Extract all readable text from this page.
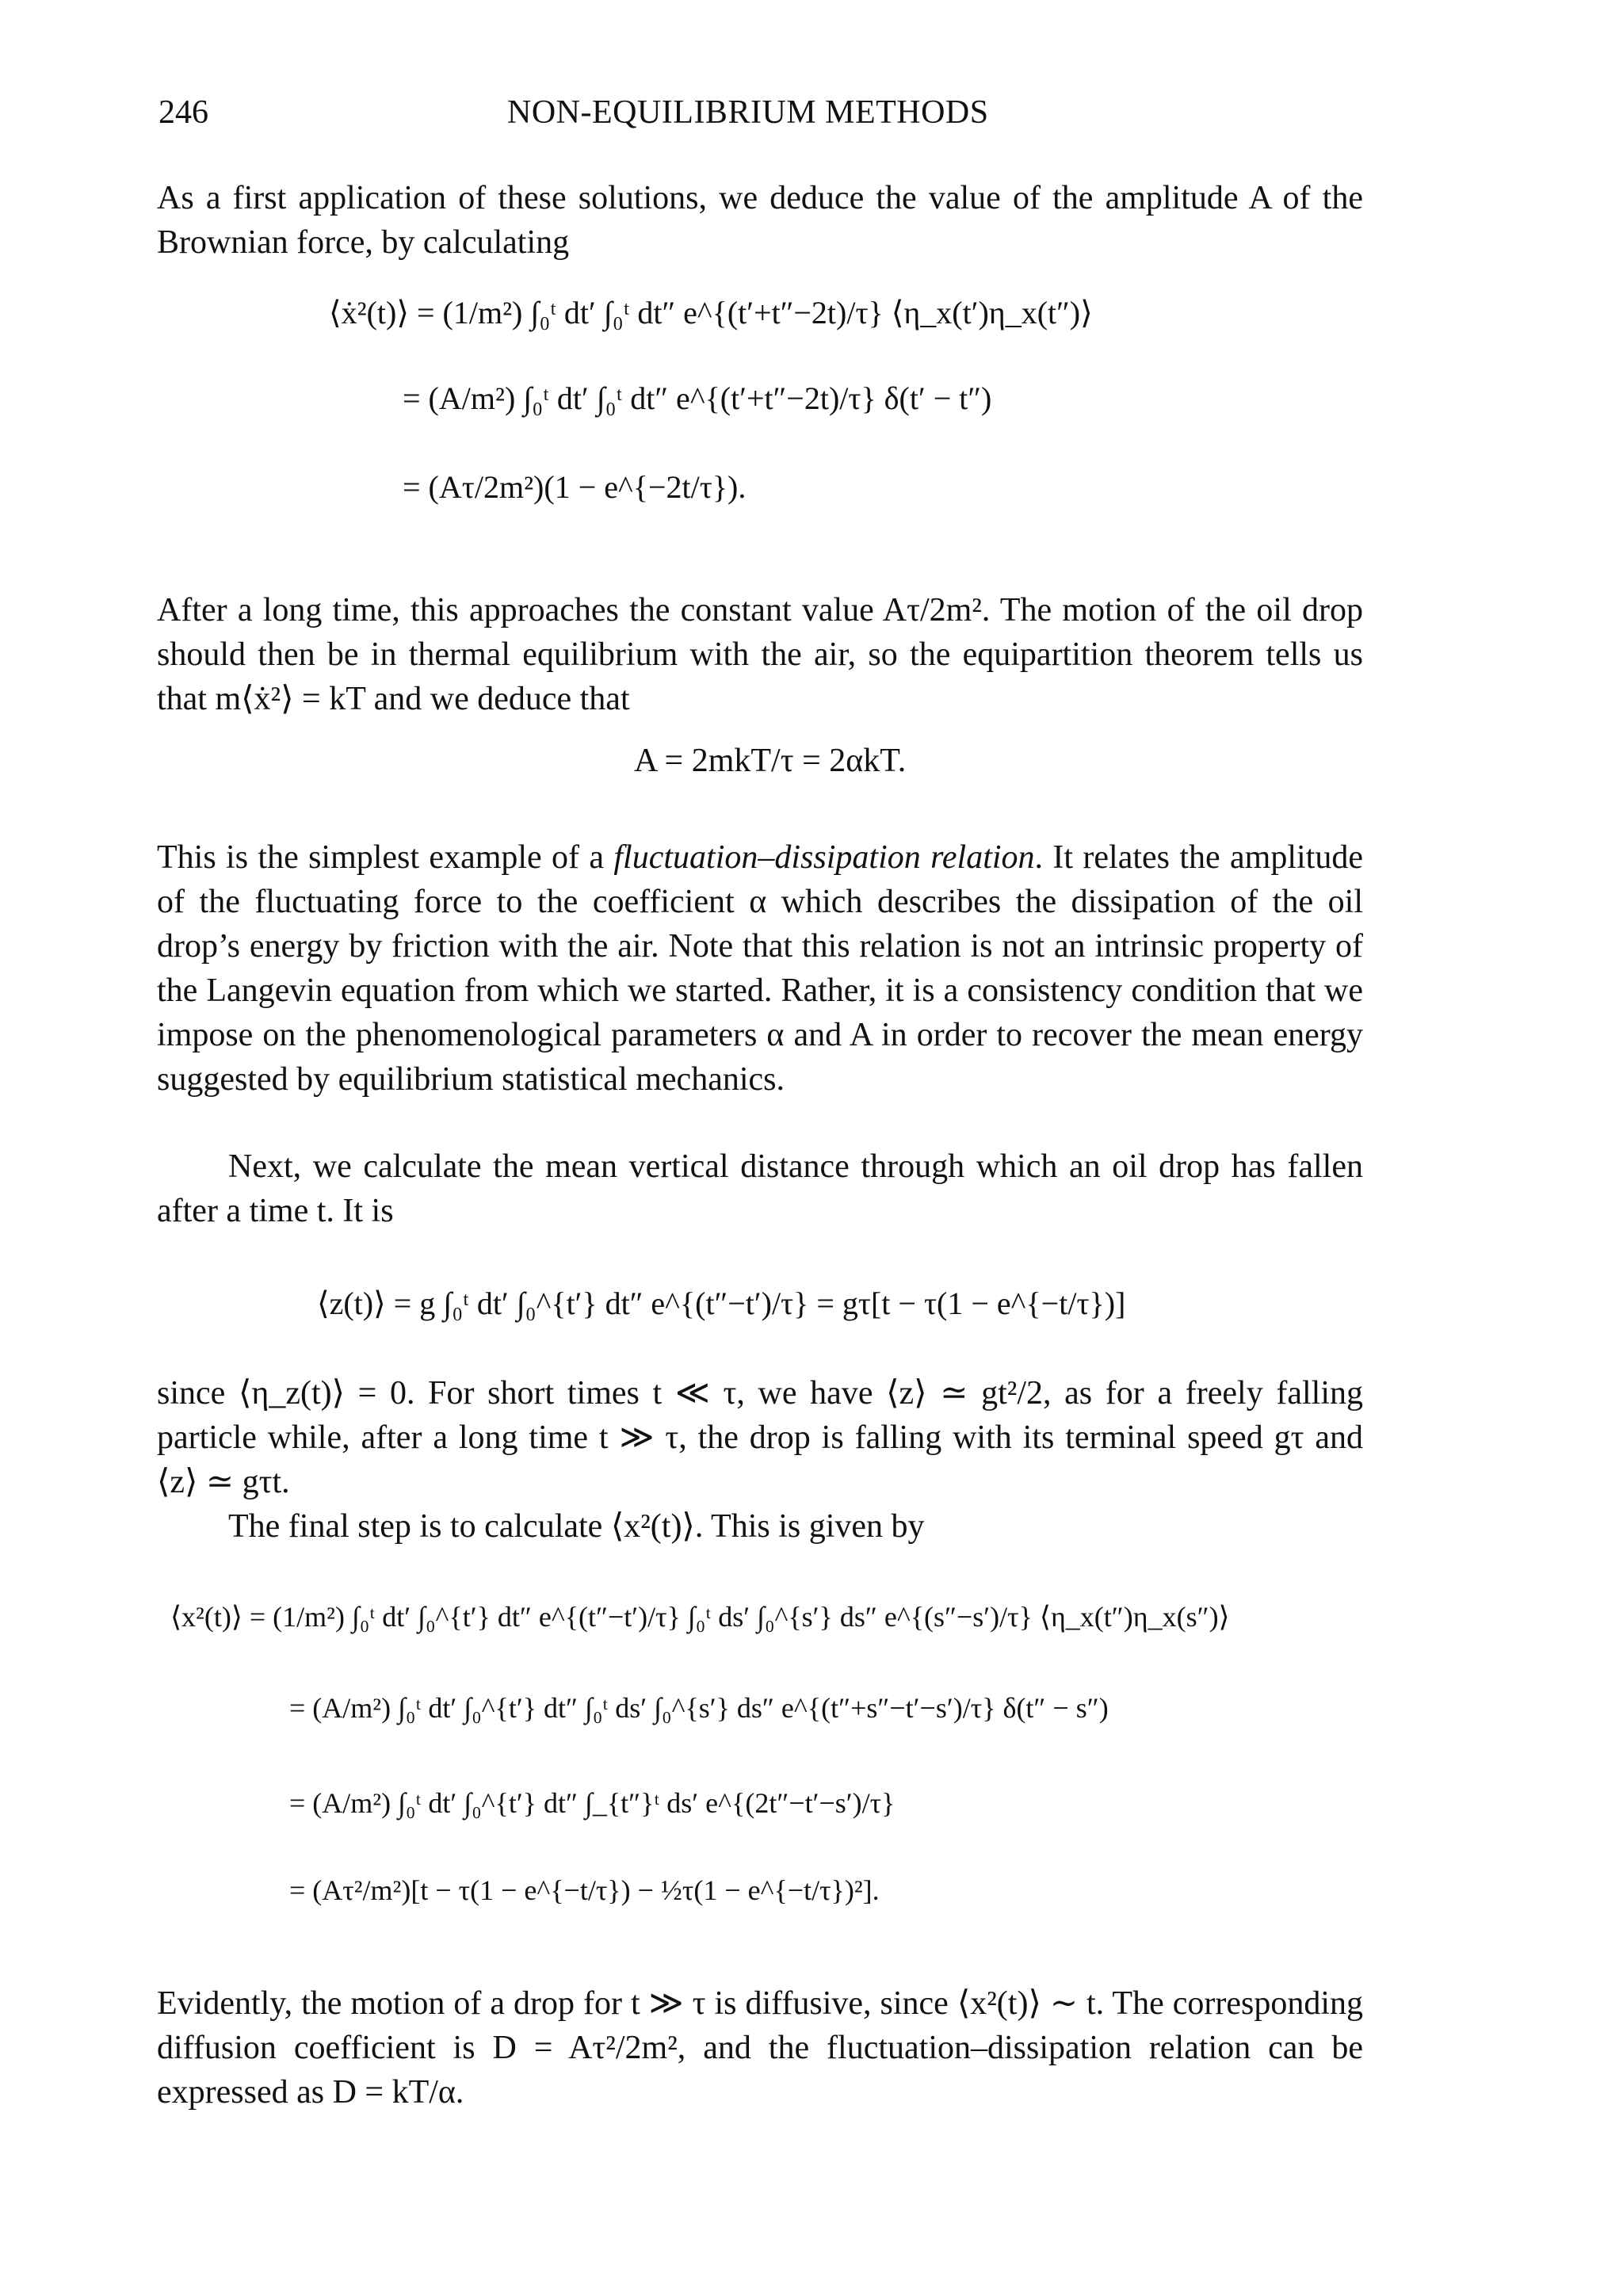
246	NON-EQUILIBRIUM METHODS

As a first application of these solutions, we deduce the value of the amplitude A of the Brownian force, by calculating

⟨ẋ²(t)⟩ = (1/m²) ∫₀ᵗ dt′ ∫₀ᵗ dt″ e^{(t′+t″−2t)/τ} ⟨η_x(t′)η_x(t″)⟩

= (A/m²) ∫₀ᵗ dt′ ∫₀ᵗ dt″ e^{(t′+t″−2t)/τ} δ(t′ − t″)

= (Aτ/2m²)(1 − e^{−2t/τ}).

After a long time, this approaches the constant value Aτ/2m². The motion of the oil drop should then be in thermal equilibrium with the air, so the equipartition theorem tells us that m⟨ẋ²⟩ = kT and we deduce that

A = 2mkT/τ = 2αkT.

This is the simplest example of a fluctuation–dissipation relation. It relates the amplitude of the fluctuating force to the coefficient α which describes the dissipation of the oil drop’s energy by friction with the air. Note that this relation is not an intrinsic property of the Langevin equation from which we started. Rather, it is a consistency condition that we impose on the phenomenological parameters α and A in order to recover the mean energy suggested by equilibrium statistical mechanics.

Next, we calculate the mean vertical distance through which an oil drop has fallen after a time t. It is

⟨z(t)⟩ = g ∫₀ᵗ dt′ ∫₀^{t′} dt″ e^{(t″−t′)/τ} = gτ[t − τ(1 − e^{−t/τ})]

since ⟨η_z(t)⟩ = 0. For short times t ≪ τ, we have ⟨z⟩ ≃ gt²/2, as for a freely falling particle while, after a long time t ≫ τ, the drop is falling with its terminal speed gτ and ⟨z⟩ ≃ gτt.

The final step is to calculate ⟨x²(t)⟩. This is given by

⟨x²(t)⟩ = (1/m²) ∫₀ᵗ dt′ ∫₀^{t′} dt″ e^{(t″−t′)/τ} ∫₀ᵗ ds′ ∫₀^{s′} ds″ e^{(s″−s′)/τ} ⟨η_x(t″)η_x(s″)⟩

= (A/m²) ∫₀ᵗ dt′ ∫₀^{t′} dt″ ∫₀ᵗ ds′ ∫₀^{s′} ds″ e^{(t″+s″−t′−s′)/τ} δ(t″ − s″)

= (A/m²) ∫₀ᵗ dt′ ∫₀^{t′} dt″ ∫_{t″}ᵗ ds′ e^{(2t″−t′−s′)/τ}

= (Aτ²/m²)[t − τ(1 − e^{−t/τ}) − ½τ(1 − e^{−t/τ})²].

Evidently, the motion of a drop for t ≫ τ is diffusive, since ⟨x²(t)⟩ ∼ t. The corresponding diffusion coefficient is D = Aτ²/2m², and the fluctuation–dissipation relation can be expressed as D = kT/α.
